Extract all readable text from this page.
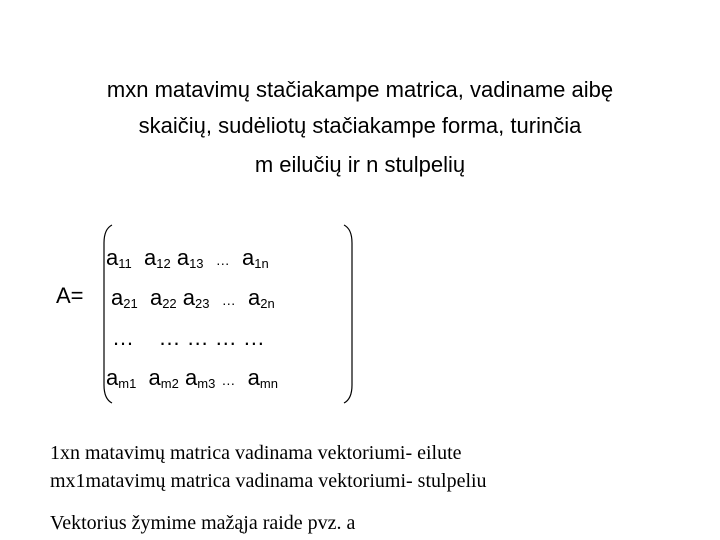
mxn matavimų stačiakampe matrica, vadiname aibę
skaičių, sudėliotų stačiakampe forma, turinčia
m eilučių ir n stulpelių
A=
$a_{11}$ $a_{12}$ $a_{13}$ … $a_{1n}$
$a_{21}$ $a_{22}$ $a_{23}$ … $a_{2n}$
… … … … …
$a_{m1}$ $a_{m2}$ $a_{m3}$ … $a_{mn}$
1xn matavimų matrica vadinama vektoriumi- eilute
mx1matavimų matrica vadinama vektoriumi- stulpeliu
Vektorius žymime mažąja raide pvz. a
